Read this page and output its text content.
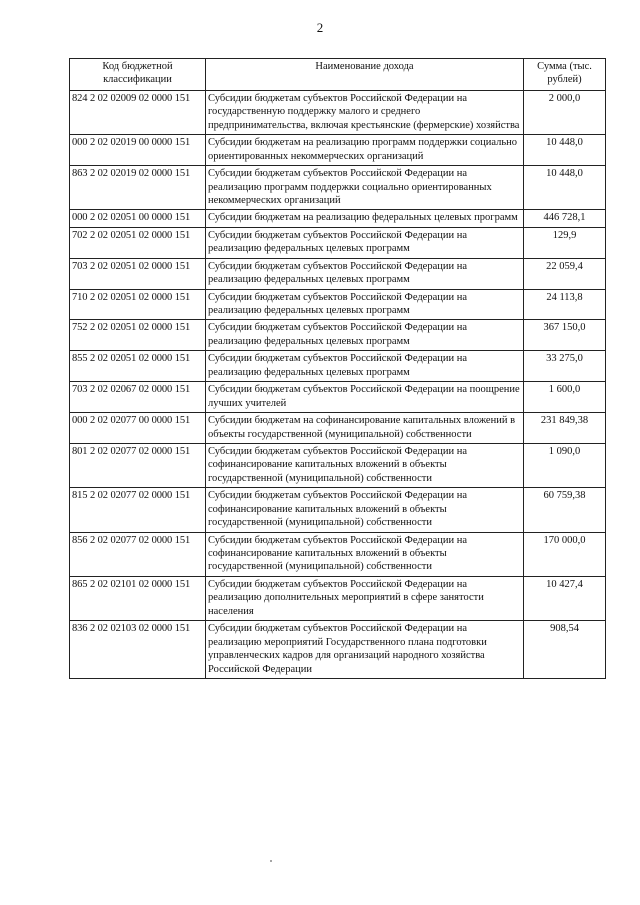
2
Код бюджетной классификации	Наименование дохода	Сумма (тыс. рублей)
824 2 02 02009 02 0000 151	Субсидии бюджетам субъектов Российской Федерации на государственную поддержку малого и среднего предпринимательства, включая крестьянские (фермерские) хозяйства	2 000,0
000 2 02 02019 00 0000 151	Субсидии бюджетам на реализацию программ поддержки социально ориентированных некоммерческих организаций	10 448,0
863 2 02 02019 02 0000 151	Субсидии бюджетам субъектов Российской Федерации на реализацию программ поддержки социально ориентированных некоммерческих организаций	10 448,0
000 2 02 02051 00 0000 151	Субсидии бюджетам на реализацию федеральных целевых программ	446 728,1
702 2 02 02051 02 0000 151	Субсидии бюджетам субъектов Российской Федерации на реализацию федеральных целевых программ	129,9
703 2 02 02051 02 0000 151	Субсидии бюджетам субъектов Российской Федерации на реализацию федеральных целевых программ	22 059,4
710 2 02 02051 02 0000 151	Субсидии бюджетам субъектов Российской Федерации на реализацию федеральных целевых программ	24 113,8
752 2 02 02051 02 0000 151	Субсидии бюджетам субъектов Российской Федерации на реализацию федеральных целевых программ	367 150,0
855 2 02 02051 02 0000 151	Субсидии бюджетам субъектов Российской Федерации на реализацию федеральных целевых программ	33 275,0
703 2 02 02067 02 0000 151	Субсидии бюджетам субъектов Российской Федерации на поощрение лучших учителей	1 600,0
000 2 02 02077 00 0000 151	Субсидии бюджетам на софинансирование капитальных вложений в объекты государственной (муниципальной) собственности	231 849,38
801 2 02 02077 02 0000 151	Субсидии бюджетам субъектов Российской Федерации на софинансирование капитальных вложений в объекты государственной (муниципальной) собственности	1 090,0
815 2 02 02077 02 0000 151	Субсидии бюджетам субъектов Российской Федерации на софинансирование капитальных вложений в объекты государственной (муниципальной) собственности	60 759,38
856 2 02 02077 02 0000 151	Субсидии бюджетам субъектов Российской Федерации на софинансирование капитальных вложений в объекты государственной (муниципальной) собственности	170 000,0
865 2 02 02101 02 0000 151	Субсидии бюджетам субъектов Российской Федерации на реализацию дополнительных мероприятий в сфере занятости населения	10 427,4
836 2 02 02103 02 0000 151	Субсидии бюджетам субъектов Российской Федерации на реализацию мероприятий Государственного плана подготовки управленческих кадров для организаций народного хозяйства Российской Федерации	908,54
